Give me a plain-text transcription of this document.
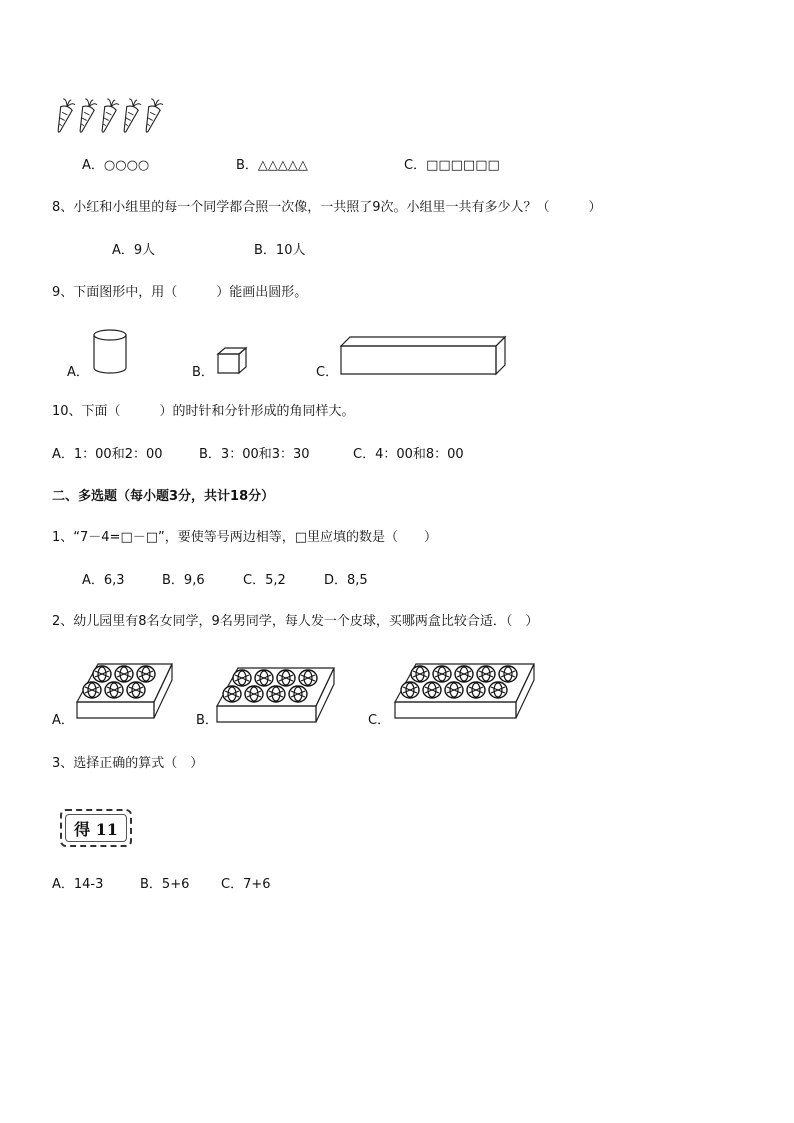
A．○○○○	B．△△△△△	C．□□□□□□
8、小红和小组里的每一个同学都合照一次像，一共照了9次。小组里一共有多少人？（　　　）
A．9人	B．10人
9、下面图形中，用（　　　）能画出圆形。
A．	B．	C．
10、下面（　　　）的时针和分针形成的角同样大。
A．1：00和2：00	B．3：00和3：30	C．4：00和8：00
二、多选题（每小题3分，共计18分）
1、“7－4=□－□”，要使等号两边相等，□里应填的数是（　　）
A．6,3	B．9,6	C．5,2	D．8,5
2、幼儿园里有8名女同学，9名男同学，每人发一个皮球，买哪两盒比较合适．（　）
A．	B．	C．
3、选择正确的算式（　）
得 11
A．14-3	B．5+6 C．7+6
